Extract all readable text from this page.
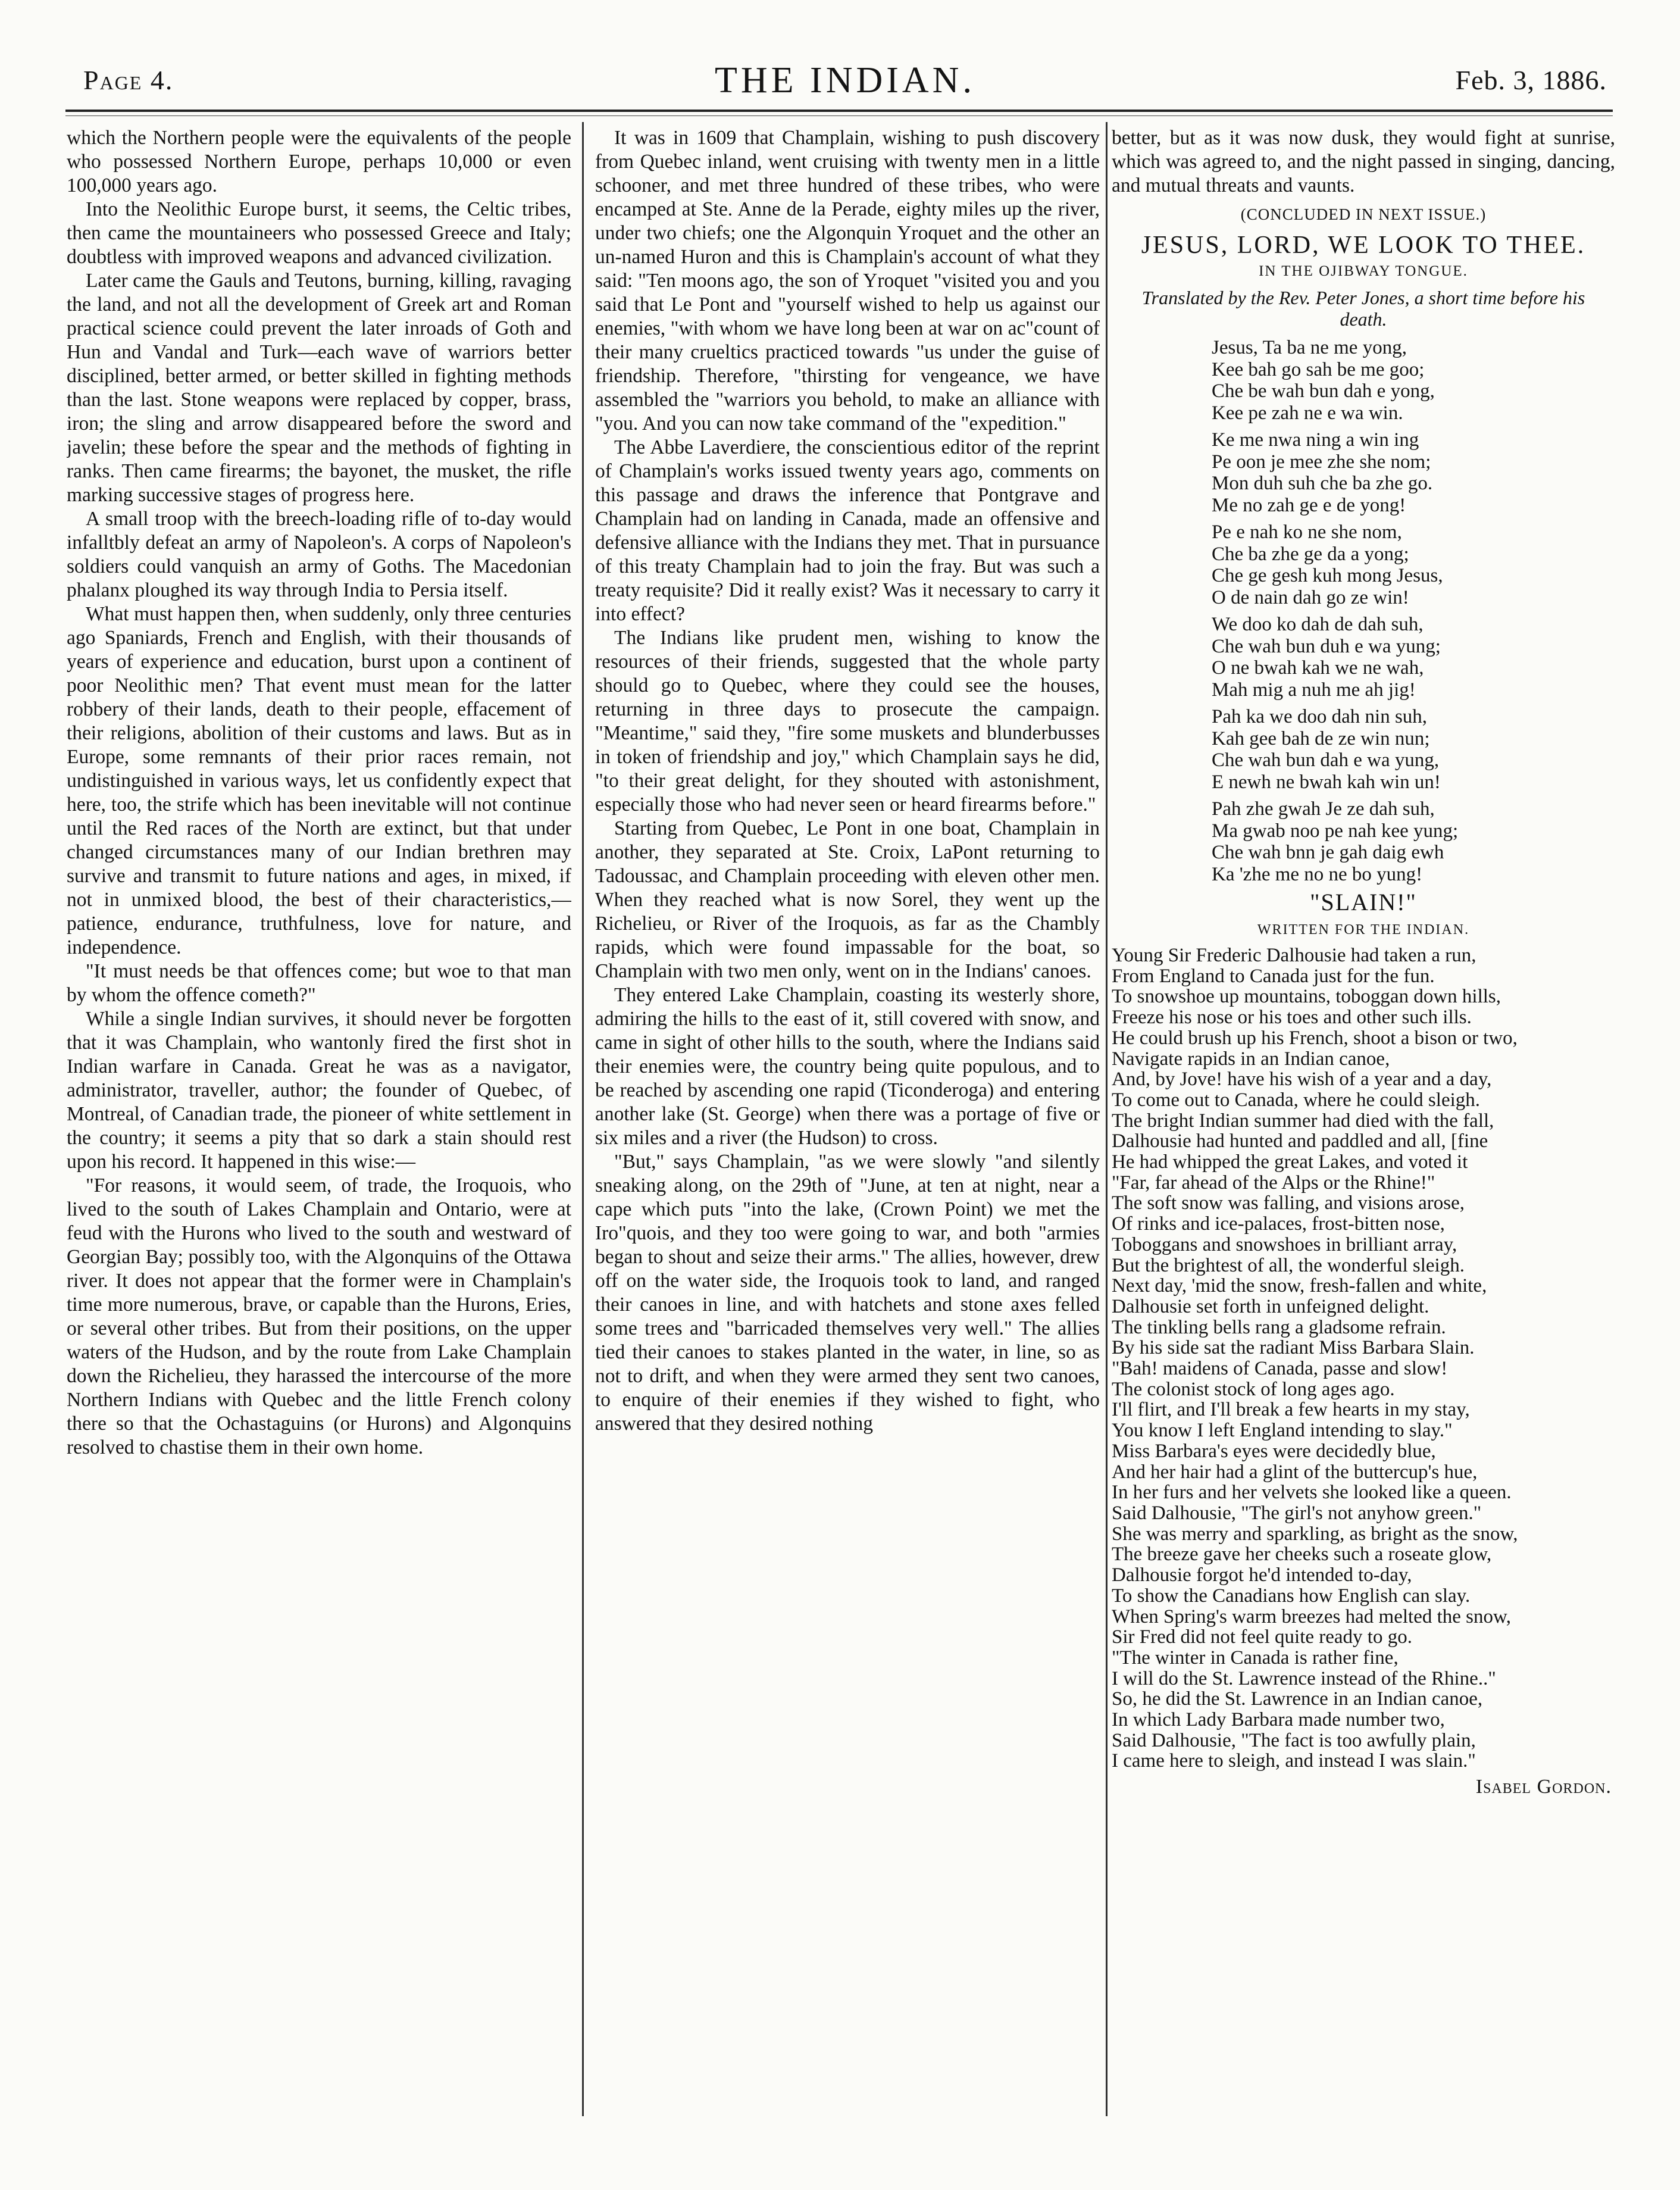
Page 4.	THE INDIAN.	Feb. 3, 1886.

which the Northern people were the equivalents of the people who possessed Northern Europe, perhaps 10,000 or even 100,000 years ago.

Into the Neolithic Europe burst, it seems, the Celtic tribes, then came the mountaineers who possessed Greece and Italy; doubtless with improved weapons and advanced civilization.

Later came the Gauls and Teutons, burning, killing, ravaging the land, and not all the development of Greek art and Roman practical science could prevent the later inroads of Goth and Hun and Vandal and Turk—each wave of warriors better disciplined, better armed, or better skilled in fighting methods than the last. Stone weapons were replaced by copper, brass, iron; the sling and arrow disappeared before the sword and javelin; these before the spear and the methods of fighting in ranks. Then came firearms; the bayonet, the musket, the rifle marking successive stages of progress here.

A small troop with the breech-loading rifle of to-day would infalltbly defeat an army of Napoleon's. A corps of Napoleon's soldiers could vanquish an army of Goths. The Macedonian phalanx ploughed its way through India to Persia itself.

What must happen then, when suddenly, only three centuries ago Spaniards, French and English, with their thousands of years of experience and education, burst upon a continent of poor Neolithic men? That event must mean for the latter robbery of their lands, death to their people, effacement of their religions, abolition of their customs and laws. But as in Europe, some remnants of their prior races remain, not undistinguished in various ways, let us confidently expect that here, too, the strife which has been inevitable will not continue until the Red races of the North are extinct, but that under changed circumstances many of our Indian brethren may survive and transmit to future nations and ages, in mixed, if not in unmixed blood, the best of their characteristics,—patience, endurance, truthfulness, love for nature, and independence.

"It must needs be that offences come; but woe to that man by whom the offence cometh?"

While a single Indian survives, it should never be forgotten that it was Champlain, who wantonly fired the first shot in Indian warfare in Canada. Great he was as a navigator, administrator, traveller, author; the founder of Quebec, of Montreal, of Canadian trade, the pioneer of white settlement in the country; it seems a pity that so dark a stain should rest upon his record. It happened in this wise:—

"For reasons, it would seem, of trade, the Iroquois, who lived to the south of Lakes Champlain and Ontario, were at feud with the Hurons who lived to the south and westward of Georgian Bay; possibly too, with the Algonquins of the Ottawa river. It does not appear that the former were in Champlain's time more numerous, brave, or capable than the Hurons, Eries, or several other tribes. But from their positions, on the upper waters of the Hudson, and by the route from Lake Champlain down the Richelieu, they harassed the intercourse of the more Northern Indians with Quebec and the little French colony there so that the Ochastaguins (or Hurons) and Algonquins resolved to chastise them in their own home.

It was in 1609 that Champlain, wishing to push discovery from Quebec inland, went cruising with twenty men in a little schooner, and met three hundred of these tribes, who were encamped at Ste. Anne de la Perade, eighty miles up the river, under two chiefs; one the Algonquin Yroquet and the other an un-named Huron and this is Champlain's account of what they said: "Ten moons ago, the son of Yroquet "visited you and you said that Le Pont and "yourself wished to help us against our enemies, "with whom we have long been at war on ac"count of their many crueltics practiced towards "us under the guise of friendship. Therefore, "thirsting for vengeance, we have assembled the "warriors you behold, to make an alliance with "you. And you can now take command of the "expedition."

The Abbe Laverdiere, the conscientious editor of the reprint of Champlain's works issued twenty years ago, comments on this passage and draws the inference that Pontgrave and Champlain had on landing in Canada, made an offensive and defensive alliance with the Indians they met. That in pursuance of this treaty Champlain had to join the fray. But was such a treaty requisite? Did it really exist? Was it necessary to carry it into effect?

The Indians like prudent men, wishing to know the resources of their friends, suggested that the whole party should go to Quebec, where they could see the houses, returning in three days to prosecute the campaign. "Meantime," said they, "fire some muskets and blunderbusses in token of friendship and joy," which Champlain says he did, "to their great delight, for they shouted with astonishment, especially those who had never seen or heard firearms before."

Starting from Quebec, Le Pont in one boat, Champlain in another, they separated at Ste. Croix, LaPont returning to Tadoussac, and Champlain proceeding with eleven other men. When they reached what is now Sorel, they went up the Richelieu, or River of the Iroquois, as far as the Chambly rapids, which were found impassable for the boat, so Champlain with two men only, went on in the Indians' canoes.

They entered Lake Champlain, coasting its westerly shore, admiring the hills to the east of it, still covered with snow, and came in sight of other hills to the south, where the Indians said their enemies were, the country being quite populous, and to be reached by ascending one rapid (Ticonderoga) and entering another lake (St. George) when there was a portage of five or six miles and a river (the Hudson) to cross.

"But," says Champlain, "as we were slowly "and silently sneaking along, on the 29th of "June, at ten at night, near a cape which puts "into the lake, (Crown Point) we met the Iro"quois, and they too were going to war, and both "armies began to shout and seize their arms." The allies, however, drew off on the water side, the Iroquois took to land, and ranged their canoes in line, and with hatchets and stone axes felled some trees and "barricaded themselves very well." The allies tied their canoes to stakes planted in the water, in line, so as not to drift, and when they were armed they sent two canoes, to enquire of their enemies if they wished to fight, who answered that they desired nothing

better, but as it was now dusk, they would fight at sunrise, which was agreed to, and the night passed in singing, dancing, and mutual threats and vaunts.

(CONCLUDED IN NEXT ISSUE.)
JESUS, LORD, WE LOOK TO THEE.
IN THE OJIBWAY TONGUE.
Translated by the Rev. Peter Jones, a short time before his death.
Jesus, Ta ba ne me yong,
Kee bah go sah be me goo;
Che be wah bun dah e yong,
Kee pe zah ne e wa win.
Ke me nwa ning a win ing
Pe oon je mee zhe she nom;
Mon duh suh che ba zhe go.
Me no zah ge e de yong!
Pe e nah ko ne she nom,
Che ba zhe ge da a yong;
Che ge gesh kuh mong Jesus,
O de nain dah go ze win!
We doo ko dah de dah suh,
Che wah bun duh e wa yung;
O ne bwah kah we ne wah,
Mah mig a nuh me ah jig!
Pah ka we doo dah nin suh,
Kah gee bah de ze win nun;
Che wah bun dah e wa yung,
E newh ne bwah kah win un!
Pah zhe gwah Je ze dah suh,
Ma gwab noo pe nah kee yung;
Che wah bnn je gah daig ewh
Ka 'zhe me no ne bo yung!
"SLAIN!"
WRITTEN FOR THE INDIAN.
Young Sir Frederic Dalhousie had taken a run,
From England to Canada just for the fun.
To snowshoe up mountains, toboggan down hills,
Freeze his nose or his toes and other such ills.
He could brush up his French, shoot a bison or two,
Navigate rapids in an Indian canoe,
And, by Jove! have his wish of a year and a day,
To come out to Canada, where he could sleigh.
The bright Indian summer had died with the fall,
Dalhousie had hunted and paddled and all, [fine
He had whipped the great Lakes, and voted it
"Far, far ahead of the Alps or the Rhine!"
The soft snow was falling, and visions arose,
Of rinks and ice-palaces, frost-bitten nose,
Toboggans and snowshoes in brilliant array,
But the brightest of all, the wonderful sleigh.
Next day, 'mid the snow, fresh-fallen and white,
Dalhousie set forth in unfeigned delight.
The tinkling bells rang a gladsome refrain.
By his side sat the radiant Miss Barbara Slain.
"Bah! maidens of Canada, passe and slow!
The colonist stock of long ages ago.
I'll flirt, and I'll break a few hearts in my stay,
You know I left England intending to slay."
Miss Barbara's eyes were decidedly blue,
And her hair had a glint of the buttercup's hue,
In her furs and her velvets she looked like a queen.
Said Dalhousie, "The girl's not anyhow green."
She was merry and sparkling, as bright as the snow,
The breeze gave her cheeks such a roseate glow,
Dalhousie forgot he'd intended to-day,
To show the Canadians how English can slay.
When Spring's warm breezes had melted the snow,
Sir Fred did not feel quite ready to go.
"The winter in Canada is rather fine,
I will do the St. Lawrence instead of the Rhine.."
So, he did the St. Lawrence in an Indian canoe,
In which Lady Barbara made number two,
Said Dalhousie, "The fact is too awfully plain,
I came here to sleigh, and instead I was slain."
Isabel Gordon.
